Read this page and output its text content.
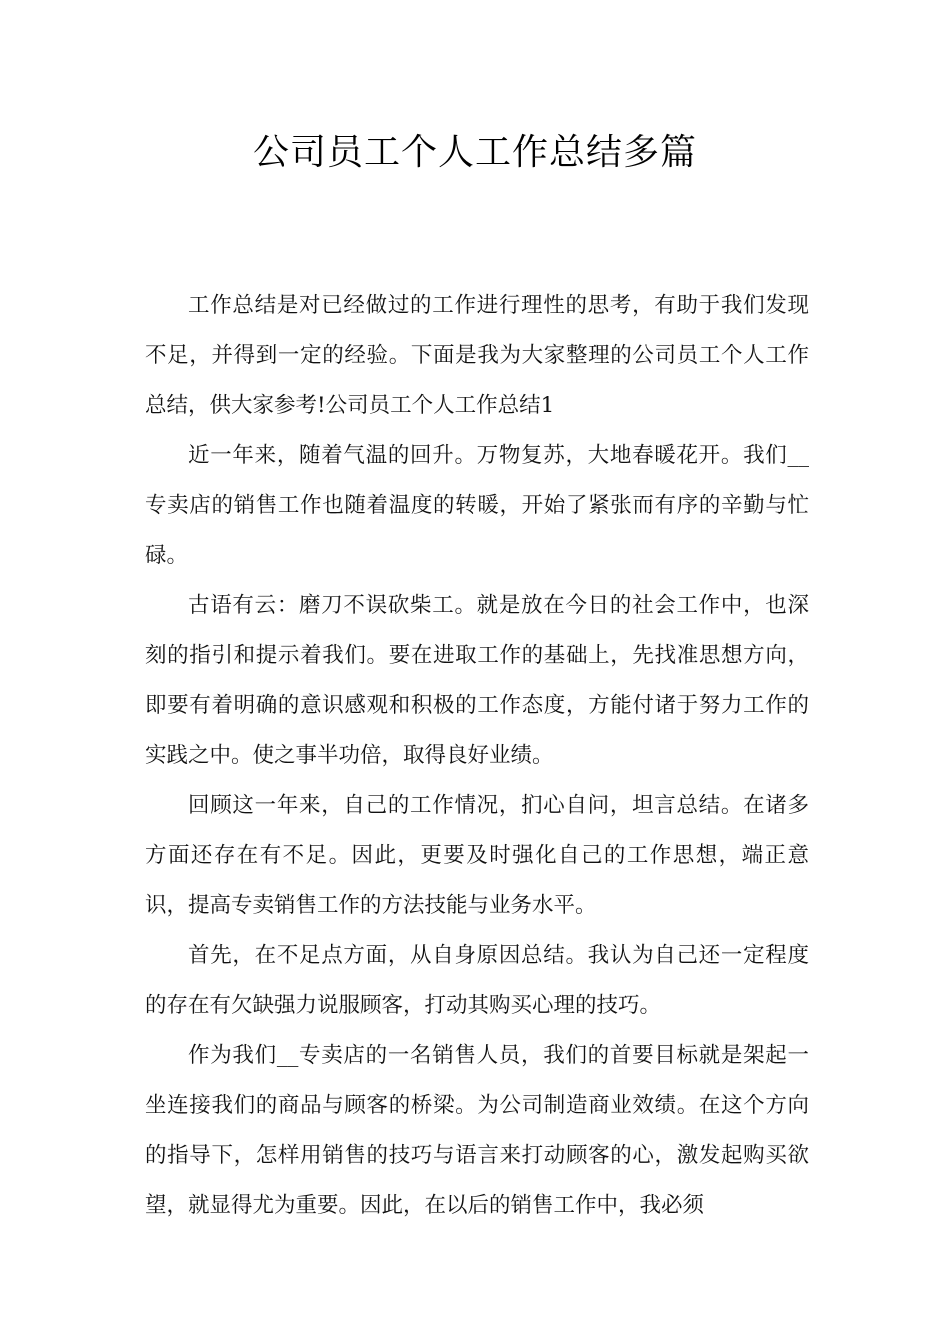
公司员工个人工作总结多篇

工作总结是对已经做过的工作进行理性的思考，有助于我们发现不足，并得到一定的经验。下面是我为大家整理的公司员工个人工作总结，供大家参考!公司员工个人工作总结1

近一年来，随着气温的回升。万物复苏，大地春暖花开。我们__专卖店的销售工作也随着温度的转暖，开始了紧张而有序的辛勤与忙碌。

古语有云：磨刀不误砍柴工。就是放在今日的社会工作中，也深刻的指引和提示着我们。要在进取工作的基础上，先找准思想方向，即要有着明确的意识感观和积极的工作态度，方能付诸于努力工作的实践之中。使之事半功倍，取得良好业绩。

回顾这一年来，自己的工作情况，扪心自问，坦言总结。在诸多方面还存在有不足。因此，更要及时强化自己的工作思想，端正意识，提高专卖销售工作的方法技能与业务水平。

首先，在不足点方面，从自身原因总结。我认为自己还一定程度的存在有欠缺强力说服顾客，打动其购买心理的技巧。

作为我们__专卖店的一名销售人员，我们的首要目标就是架起一坐连接我们的商品与顾客的桥梁。为公司制造商业效绩。在这个方向的指导下，怎样用销售的技巧与语言来打动顾客的心，激发起购买欲望，就显得尤为重要。因此，在以后的销售工作中，我必须
